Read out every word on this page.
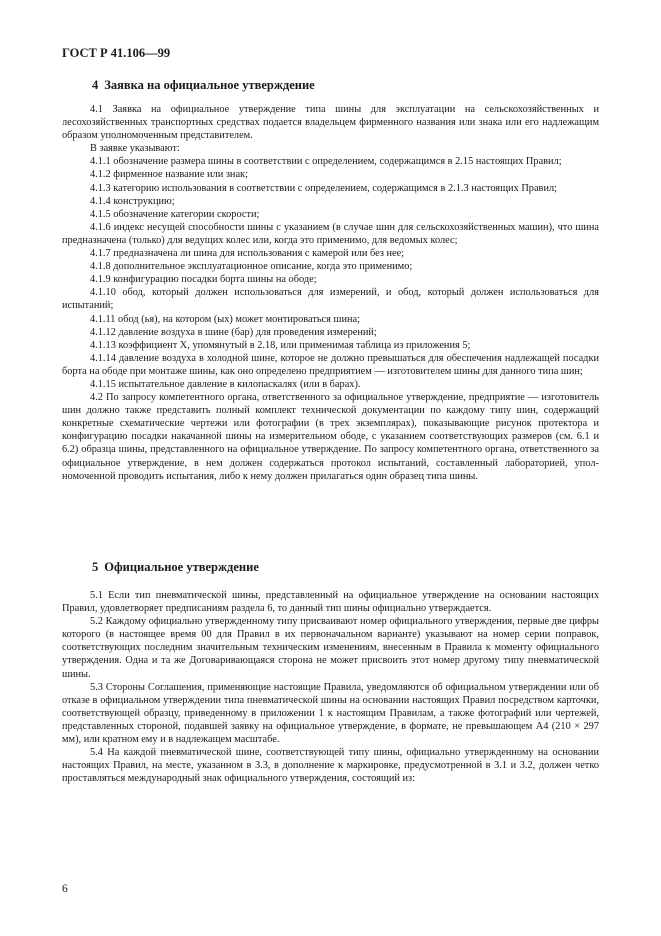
ГОСТ Р 41.106—99
4 Заявка на официальное утверждение

4.1 Заявка на официальное утверждение типа шины для эксплуатации на сельскохозяйственных и лесохозяйственных транспортных средствах подается владельцем фирменного названия или знака или его надлежащим образом уполномоченным представителем.

В заявке указывают:

4.1.1 обозначение размера шины в соответствии с определением, содержащимся в 2.15 настоящих Правил;

4.1.2 фирменное название или знак;

4.1.3 категорию использования в соответствии с определением, содержащимся в 2.1.3 настоящих Правил;

4.1.4 конструкцию;

4.1.5 обозначение категории скорости;

4.1.6 индекс несущей способности шины с указанием (в случае шин для сельскохозяйственных машин), что шина предназначена (только) для ведущих колес или, когда это применимо, для ведомых колес;

4.1.7 предназначена ли шина для использования с камерой или без нее;

4.1.8 дополнительное эксплуатационное описание, когда это применимо;

4.1.9 конфигурацию посадки борта шины на ободе;

4.1.10 обод, который должен использоваться для измерений, и обод, который должен использоваться для испытаний;

4.1.11 обод (ья), на котором (ых) может монтироваться шина;

4.1.12 давление воздуха в шине (бар) для проведения измерений;

4.1.13 коэффициент X, упомянутый в 2.18, или применимая таблица из приложения 5;

4.1.14 давление воздуха в холодной шине, которое не должно превышаться для обеспечения надлежащей посадки борта на ободе при монтаже шины, как оно определено предприятием — изготовителем шины для данного типа шин;

4.1.15 испытательное давление в килопаскалях (или в барах).

4.2 По запросу компетентного органа, ответственного за официальное утверждение, предприятие — изготовитель шин должно также представить полный комплект технической документации по каждому типу шин, содержащий конкретные схематические чертежи или фотографии (в трех экземплярах), показывающие рисунок протектора и конфигурацию посадки накачанной шины на измерительном ободе, с указанием соответствующих размеров (см. 6.1 и 6.2) образца шины, представленного на официальное утверждение. По запросу компетентного органа, ответственного за официальное утверждение, в нем должен содержаться протокол испытаний, составленный лабораторией, уполномоченной проводить испытания, либо к нему должен прилагаться один образец типа шины.

5 Официальное утверждение

5.1 Если тип пневматической шины, представленный на официальное утверждение на основании настоящих Правил, удовлетворяет предписаниям раздела 6, то данный тип шины официально утверждается.

5.2 Каждому официально утвержденному типу присваивают номер официального утверждения, первые две цифры которого (в настоящее время 00 для Правил в их первоначальном варианте) указывают на номер серии поправок, соответствующих последним значительным техническим изменениям, внесенным в Правила к моменту официального утверждения. Одна и та же Договаривающаяся сторона не может присвоить этот номер другому типу пневматической шины.

5.3 Стороны Соглашения, применяющие настоящие Правила, уведомляются об официальном утверждении или об отказе в официальном утверждении типа пневматической шины на основании настоящих Правил посредством карточки, соответствующей образцу, приведенному в приложении 1 к настоящим Правилам, а также фотографий или чертежей, представленных стороной, подавшей заявку на официальное утверждение, в формате, не превышающем А4 (210 × 297 мм), или кратном ему и в надлежащем масштабе.

5.4 На каждой пневматической шине, соответствующей типу шины, официально утвержденному на основании настоящих Правил, на месте, указанном в 3.3, в дополнение к маркировке, предусмотренной в 3.1 и 3.2, должен четко проставляться международный знак официального утверждения, состоящий из:

6
